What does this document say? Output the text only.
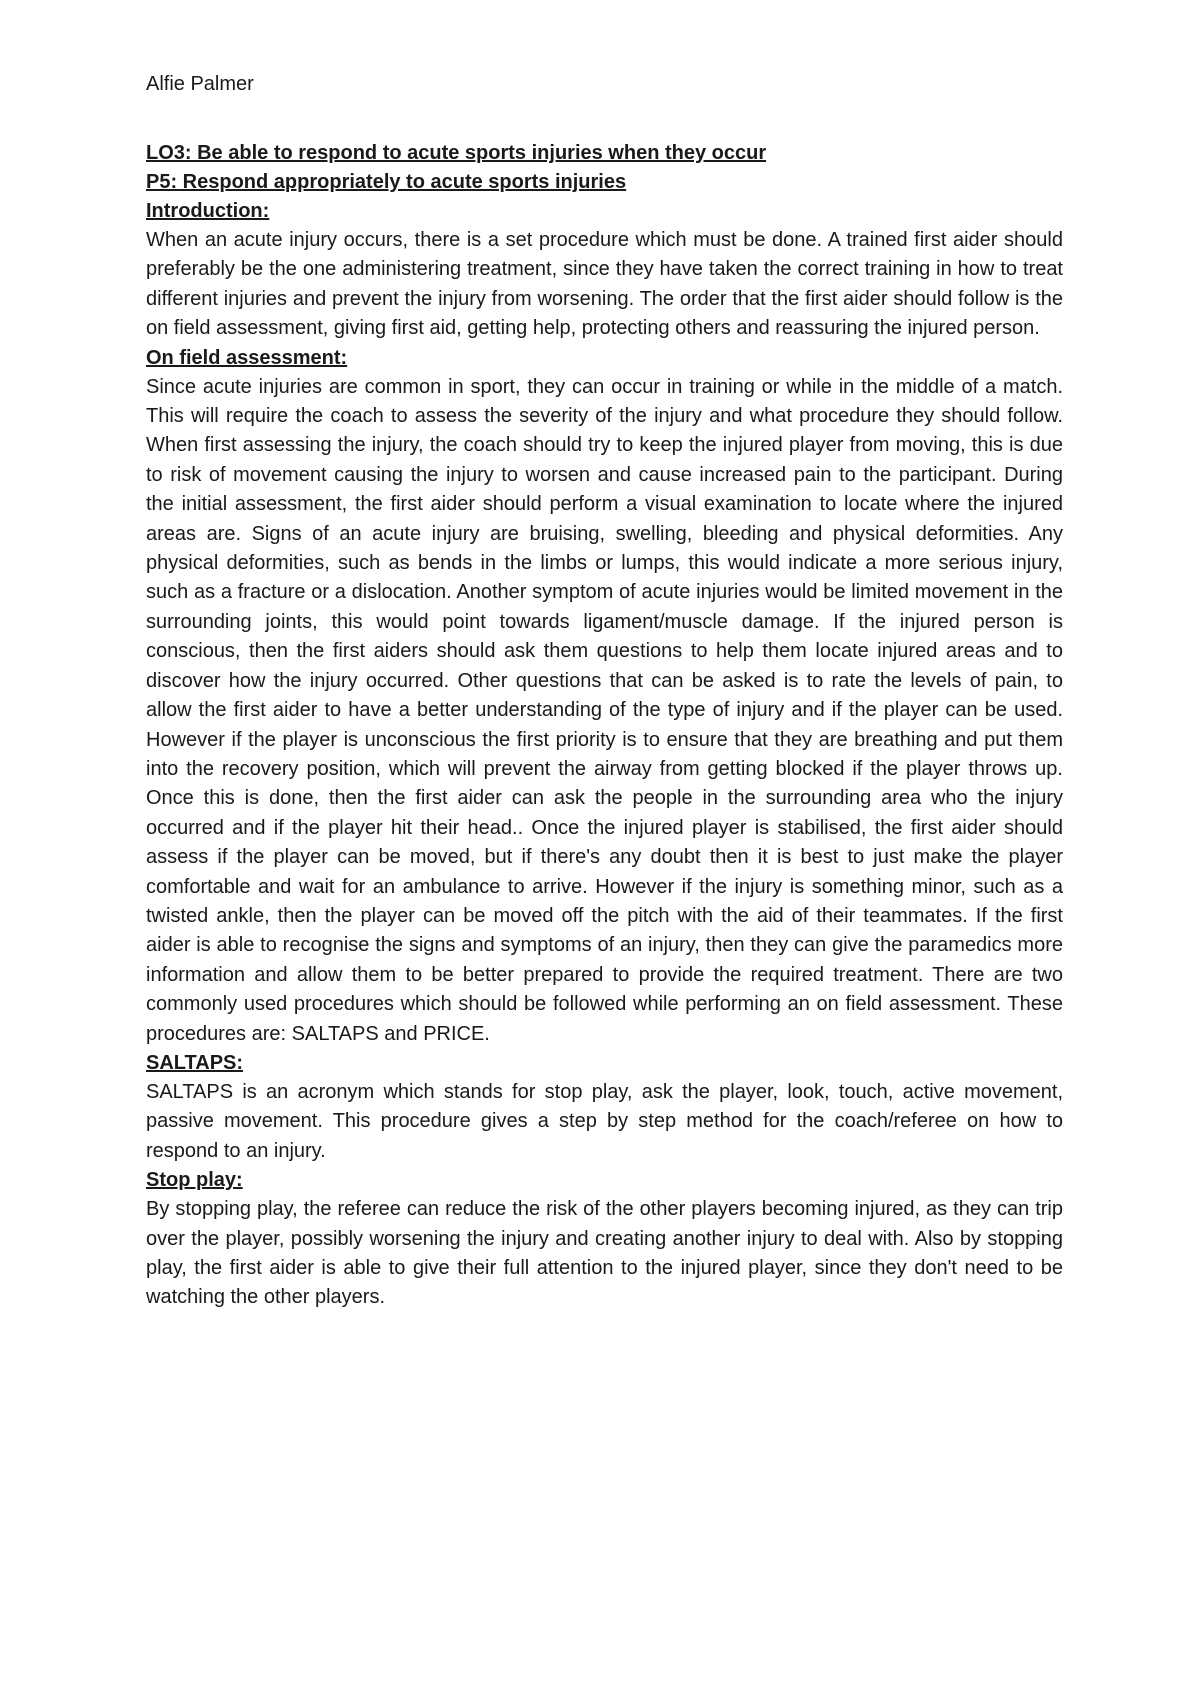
Alfie Palmer

LO3: Be able to respond to acute sports injuries when they occur

P5: Respond appropriately to acute sports injuries

Introduction:

When an acute injury occurs, there is a set procedure which must be done. A trained first aider should preferably be the one administering treatment, since they have taken the correct training in how to treat different injuries and prevent the injury from worsening. The order that the first aider should follow is the on field assessment, giving first aid, getting help, protecting others and reassuring the injured person.

On field assessment:

Since acute injuries are common in sport, they can occur in training or while in the middle of a match. This will require the coach to assess the severity of the injury and what procedure they should follow. When first assessing the injury, the coach should try to keep the injured player from moving, this is due to risk of movement causing the injury to worsen and cause increased pain to the participant. During the initial assessment, the first aider should perform a visual examination to locate where the injured areas are. Signs of an acute injury are bruising, swelling, bleeding and physical deformities. Any physical deformities, such as bends in the limbs or lumps, this would indicate a more serious injury, such as a fracture or a dislocation. Another symptom of acute injuries would be limited movement in the surrounding joints, this would point towards ligament/muscle damage. If the injured person is conscious, then the first aiders should ask them questions to help them locate injured areas and to discover how the injury occurred. Other questions that can be asked is to rate the levels of pain, to allow the first aider to have a better understanding of the type of injury and if the player can be used. However if the player is unconscious the first priority is to ensure that they are breathing and put them into the recovery position, which will prevent the airway from getting blocked if the player throws up. Once this is done, then the first aider can ask the people in the surrounding area who the injury occurred and if the player hit their head.. Once the injured player is stabilised, the first aider should assess if the player can be moved, but if there's any doubt then it is best to just make the player comfortable and wait for an ambulance to arrive. However if the injury is something minor, such as a twisted ankle, then the player can be moved off the pitch with the aid of their teammates. If the first aider is able to recognise the signs and symptoms of an injury, then they can give the paramedics more information and allow them to be better prepared to provide the required treatment. There are two commonly used procedures which should be followed while performing an on field assessment. These procedures are: SALTAPS and PRICE.

SALTAPS:

SALTAPS is an acronym which stands for stop play, ask the player, look, touch, active movement, passive movement. This procedure gives a step by step method for the coach/referee on how to respond to an injury.

Stop play:

By stopping play, the referee can reduce the risk of the other players becoming injured, as they can trip over the player, possibly worsening the injury and creating another injury to deal with. Also by stopping play, the first aider is able to give their full attention to the injured player, since they don't need to be watching the other players.
